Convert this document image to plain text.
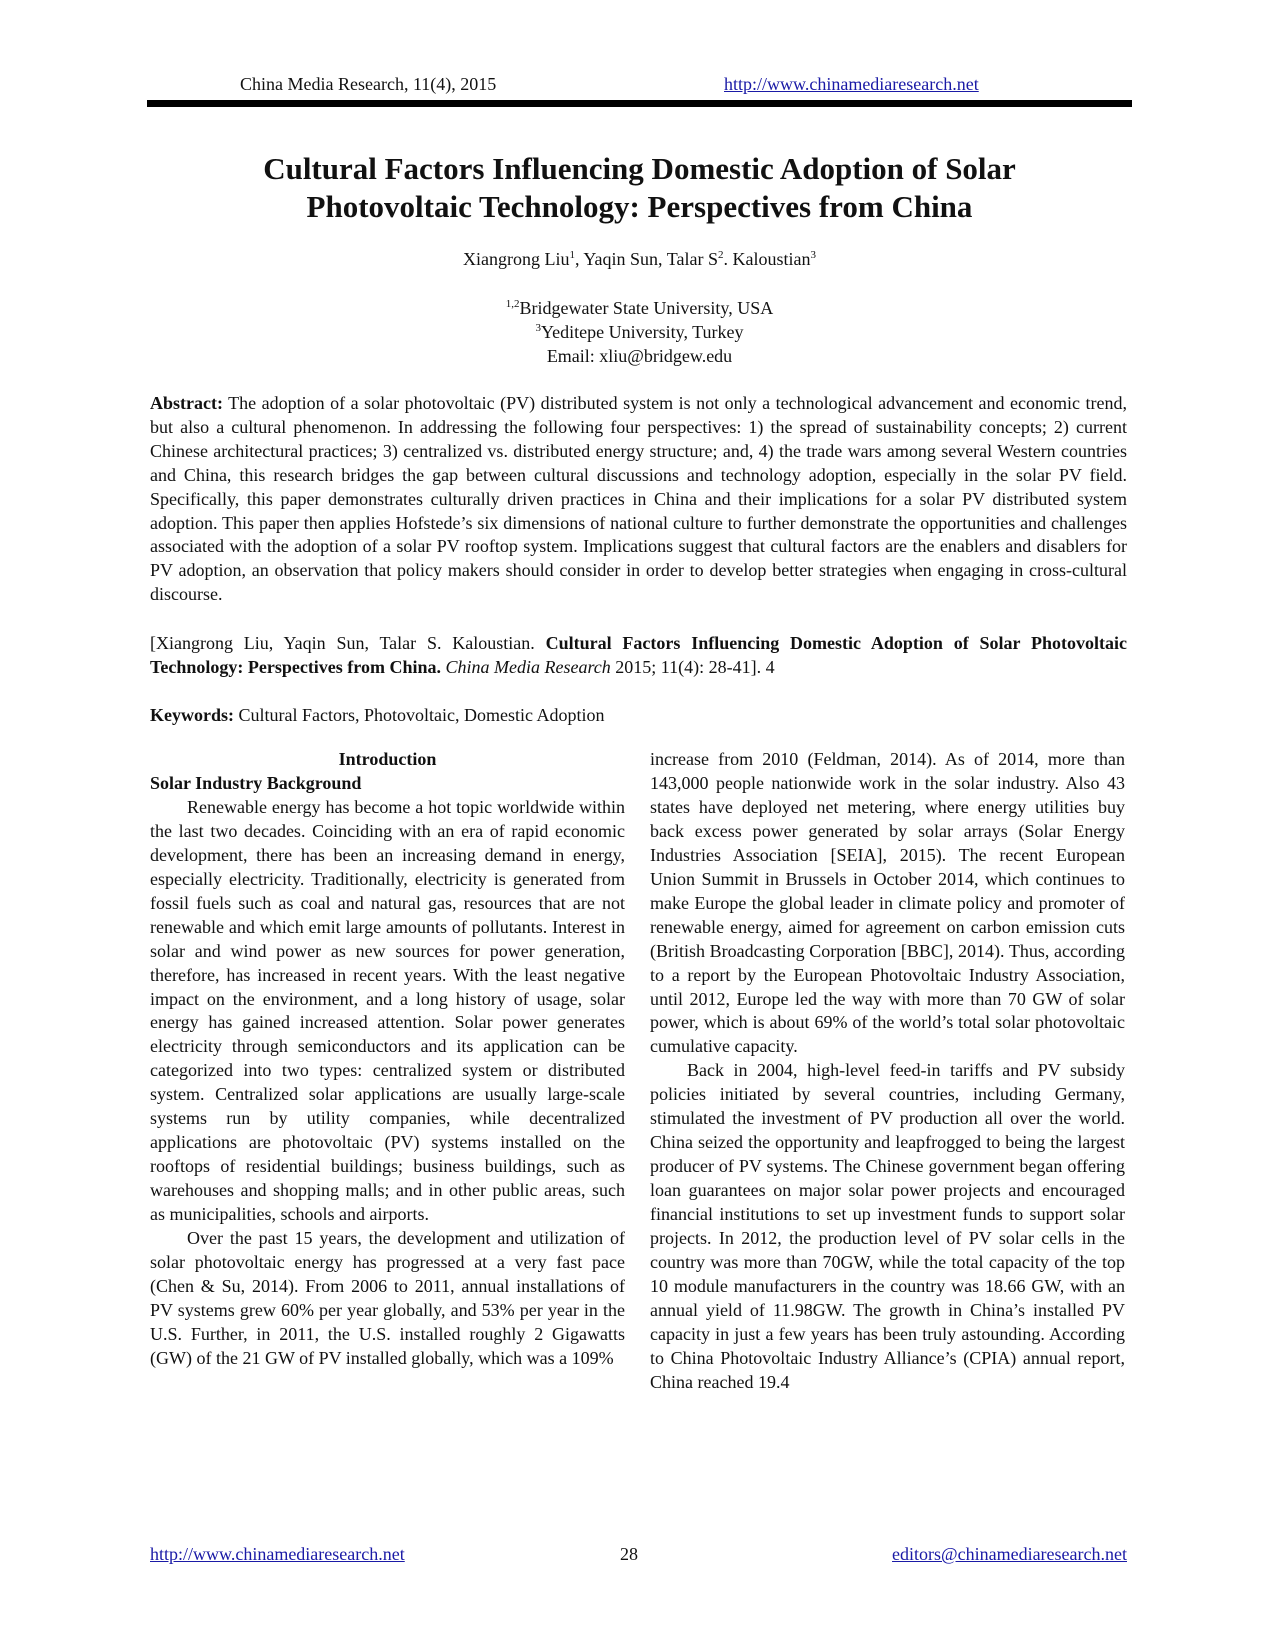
China Media Research, 11(4), 2015	http://www.chinamediaresearch.net
Cultural Factors Influencing Domestic Adoption of Solar
Photovoltaic Technology: Perspectives from China
Xiangrong Liu$^1$, Yaqin Sun, Talar $S^2$. Kaloustian$^3$
$^{1,2}$Bridgewater State University, USA
$^3$Yeditepe University, Turkey
Email: xliu@bridgew.edu

Abstract: The adoption of a solar photovoltaic (PV) distributed system is not only a technological advancement and economic trend, but also a cultural phenomenon. In addressing the following four perspectives: 1) the spread of sustainability concepts; 2) current Chinese architectural practices; 3) centralized vs. distributed energy structure; and, 4) the trade wars among several Western countries and China, this research bridges the gap between cultural discussions and technology adoption, especially in the solar PV field. Specifically, this paper demonstrates culturally driven practices in China and their implications for a solar PV distributed system adoption. This paper then applies Hofstede’s six dimensions of national culture to further demonstrate the opportunities and challenges associated with the adoption of a solar PV rooftop system. Implications suggest that cultural factors are the enablers and disablers for PV adoption, an observation that policy makers should consider in order to develop better strategies when engaging in cross-cultural discourse.

[Xiangrong Liu, Yaqin Sun, Talar S. Kaloustian. Cultural Factors Influencing Domestic Adoption of Solar Photovoltaic Technology: Perspectives from China. China Media Research 2015; 11(4): 28-41]. 4

Keywords: Cultural Factors, Photovoltaic, Domestic Adoption

Introduction

Solar Industry Background

Renewable energy has become a hot topic worldwide within the last two decades. Coinciding with an era of rapid economic development, there has been an increasing demand in energy, especially electricity. Traditionally, electricity is generated from fossil fuels such as coal and natural gas, resources that are not renewable and which emit large amounts of pollutants. Interest in solar and wind power as new sources for power generation, therefore, has increased in recent years. With the least negative impact on the environment, and a long history of usage, solar energy has gained increased attention. Solar power generates electricity through semiconductors and its application can be categorized into two types: centralized system or distributed system. Centralized solar applications are usually large-scale systems run by utility companies, while decentralized applications are photovoltaic (PV) systems installed on the rooftops of residential buildings; business buildings, such as warehouses and shopping malls; and in other public areas, such as municipalities, schools and airports.

Over the past 15 years, the development and utilization of solar photovoltaic energy has progressed at a very fast pace (Chen & Su, 2014). From 2006 to 2011, annual installations of PV systems grew 60% per year globally, and 53% per year in the U.S. Further, in 2011, the U.S. installed roughly 2 Gigawatts (GW) of the 21 GW of PV installed globally, which was a 109%

increase from 2010 (Feldman, 2014). As of 2014, more than 143,000 people nationwide work in the solar industry. Also 43 states have deployed net metering, where energy utilities buy back excess power generated by solar arrays (Solar Energy Industries Association [SEIA], 2015). The recent European Union Summit in Brussels in October 2014, which continues to make Europe the global leader in climate policy and promoter of renewable energy, aimed for agreement on carbon emission cuts (British Broadcasting Corporation [BBC], 2014). Thus, according to a report by the European Photovoltaic Industry Association, until 2012, Europe led the way with more than 70 GW of solar power, which is about 69% of the world’s total solar photovoltaic cumulative capacity.

Back in 2004, high-level feed-in tariffs and PV subsidy policies initiated by several countries, including Germany, stimulated the investment of PV production all over the world. China seized the opportunity and leapfrogged to being the largest producer of PV systems. The Chinese government began offering loan guarantees on major solar power projects and encouraged financial institutions to set up investment funds to support solar projects. In 2012, the production level of PV solar cells in the country was more than 70GW, while the total capacity of the top 10 module manufacturers in the country was 18.66 GW, with an annual yield of 11.98GW. The growth in China’s installed PV capacity in just a few years has been truly astounding. According to China Photovoltaic Industry Alliance’s (CPIA) annual report, China reached 19.4

http://www.chinamediaresearch.net	28	editors@chinamediaresearch.net
